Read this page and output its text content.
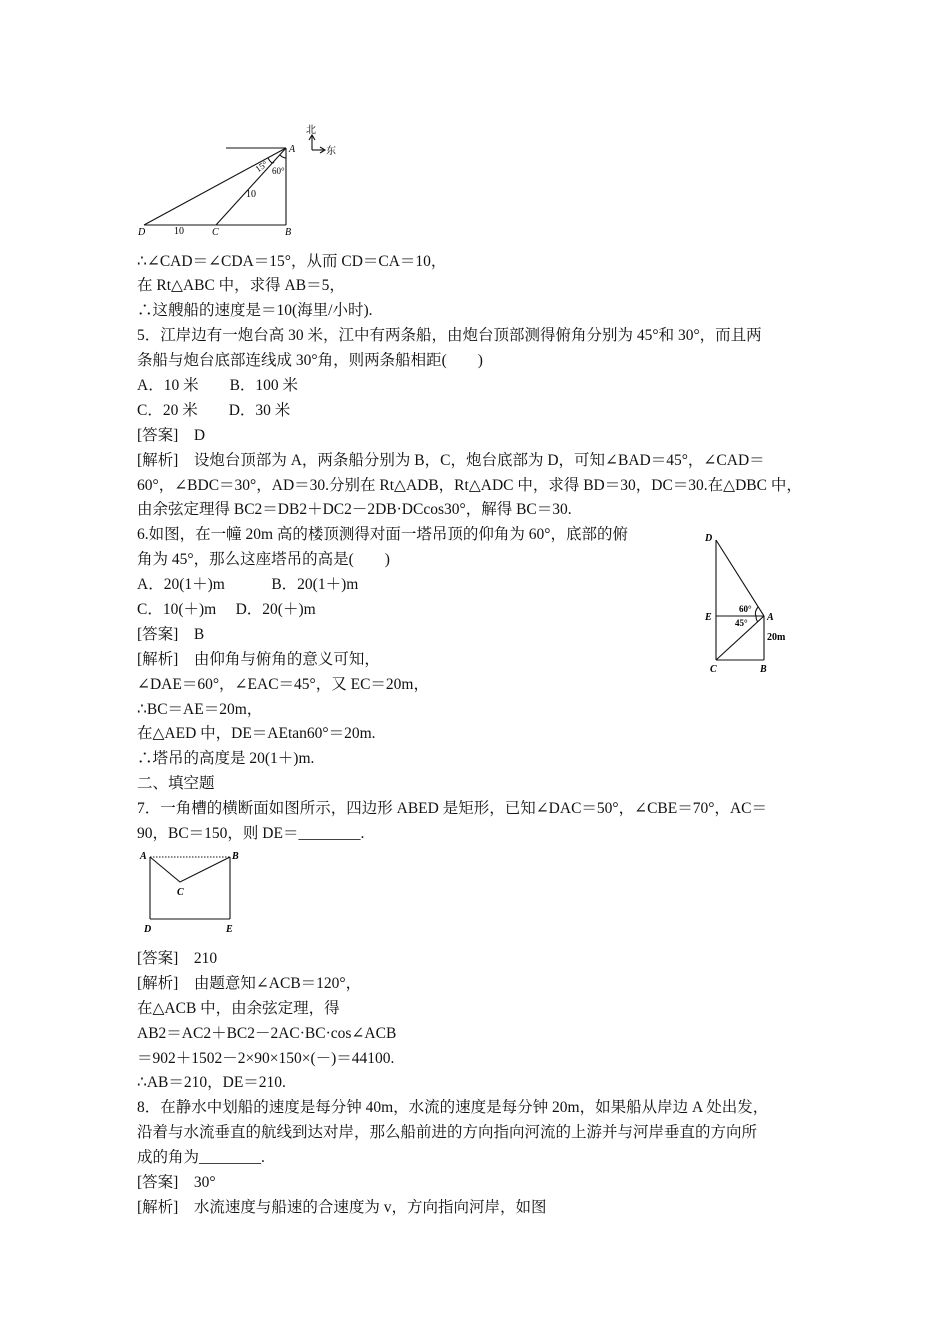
北
东
A
B
C
D
15° 60°
10
10
∴∠CAD＝∠CDA＝15°，从而 CD＝CA＝10，
在 Rt△ABC 中，求得 AB＝5，
∴这艘船的速度是＝10(海里/小时).
5．江岸边有一炮台高 30 米，江中有两条船，由炮台顶部测得俯角分别为 45°和 30°，而且两
条船与炮台底部连线成 30°角，则两条船相距(　　)
A．10 米　　B．100 米
C．20 米　　D．30 米
[答案]　D
[解析]　设炮台顶部为 A，两条船分别为 B，C，炮台底部为 D，可知∠BAD＝45°，∠CAD＝
60°，∠BDC＝30°，AD＝30.分别在 Rt△ADB，Rt△ADC 中，求得 BD＝30，DC＝30.在△DBC 中，
由余弦定理得 BC2＝DB2＋DC2－2DB·DCcos30°，解得 BC＝30.
6.如图，在一幢 20m 高的楼顶测得对面一塔吊顶的仰角为 60°，底部的俯
角为 45°，那么这座塔吊的高是(　　)
A．20(1＋)m　　　B．20(1＋)m
C．10(＋)m　 D．20(＋)m
[答案]　B
[解析]　由仰角与俯角的意义可知，
∠DAE＝60°，∠EAC＝45°，又 EC＝20m，
∴BC＝AE＝20m，
在△AED 中，DE＝AEtan60°＝20m.
∴塔吊的高度是 20(1＋)m.
二、填空题
7．一角槽的横断面如图所示，四边形 ABED 是矩形，已知∠DAC＝50°，∠CBE＝70°，AC＝
90，BC＝150，则 DE＝________.
D
E	A
C	B
60°
45°
20m
A	B
C
D	E
[答案]　210
[解析]　由题意知∠ACB＝120°，
在△ACB 中，由余弦定理，得
AB2＝AC2＋BC2－2AC·BC·cos∠ACB
＝902＋1502－2×90×150×(－)＝44100.
∴AB＝210，DE＝210.
8．在静水中划船的速度是每分钟 40m，水流的速度是每分钟 20m，如果船从岸边 A 处出发，
沿着与水流垂直的航线到达对岸，那么船前进的方向指向河流的上游并与河岸垂直的方向所
成的角为________.
[答案]　30°
[解析]　水流速度与船速的合速度为 v，方向指向河岸，如图
